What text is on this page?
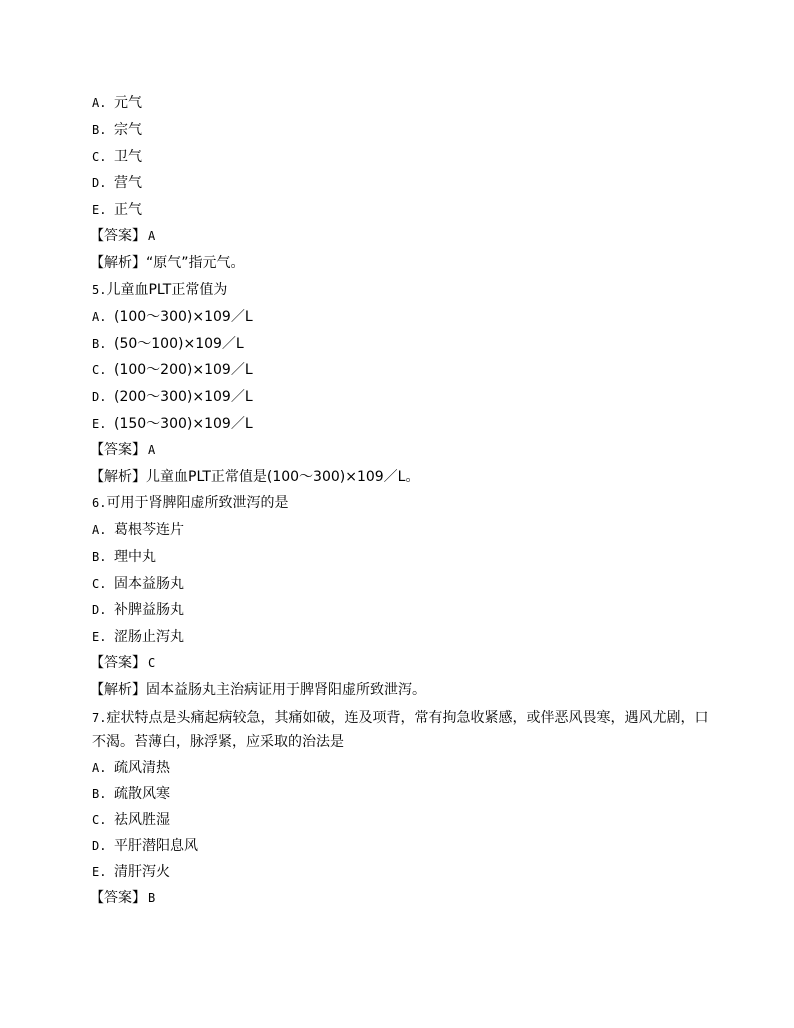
A. 元气
B. 宗气
C. 卫气
D. 营气
E. 正气
【答案】 A
【解析】“原气”指元气。
5.儿童血PLT正常值为
A. (100～300)×109／L
B. (50～100)×109／L
C. (100～200)×109／L
D. (200～300)×109／L
E. (150～300)×109／L
【答案】 A
【解析】儿童血PLT正常值是(100～300)×109／L。
6.可用于肾脾阳虚所致泄泻的是
A. 葛根芩连片
B. 理中丸
C. 固本益肠丸
D. 补脾益肠丸
E. 涩肠止泻丸
【答案】 C
【解析】固本益肠丸主治病证用于脾肾阳虚所致泄泻。
7.症状特点是头痛起病较急，其痛如破，连及项背，常有拘急收紧感，或伴恶风畏寒，遇风尤剧，口不渴。苔薄白，脉浮紧，应采取的治法是
A. 疏风清热
B. 疏散风寒
C. 祛风胜湿
D. 平肝潜阳息风
E. 清肝泻火
【答案】 B
